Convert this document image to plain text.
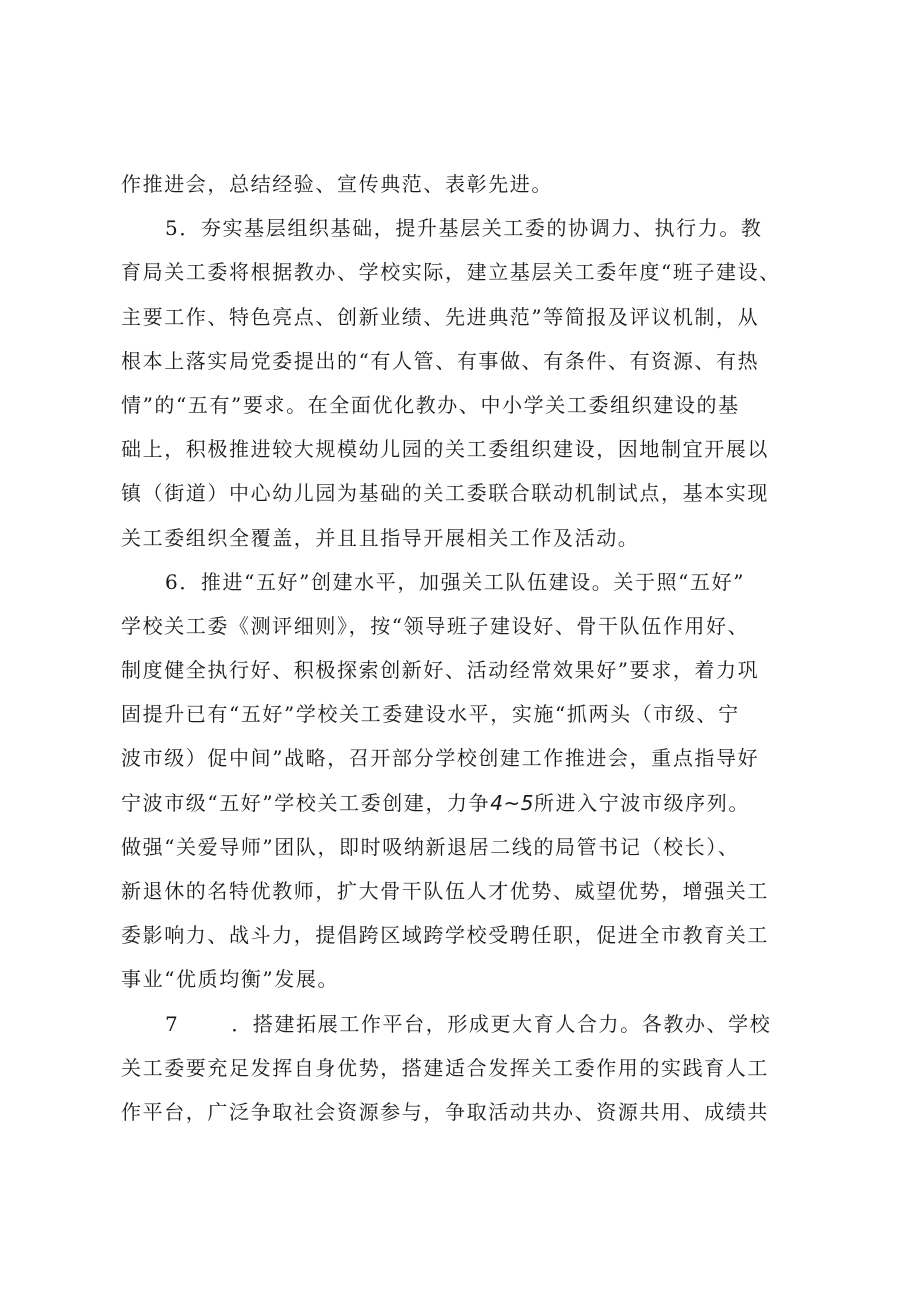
作推进会，总结经验、宣传典范、表彰先进。
5．夯实基层组织基础，提升基层关工委的协调力、执行力。教
育局关工委将根据教办、学校实际，建立基层关工委年度“班子建设、
主要工作、特色亮点、创新业绩、先进典范”等简报及评议机制，从
根本上落实局党委提出的“有人管、有事做、有条件、有资源、有热
情”的“五有”要求。在全面优化教办、中小学关工委组织建设的基
础上，积极推进较大规模幼儿园的关工委组织建设，因地制宜开展以
镇（街道）中心幼儿园为基础的关工委联合联动机制试点，基本实现
关工委组织全覆盖，并且且指导开展相关工作及活动。
6．推进“五好”创建水平，加强关工队伍建设。关于照“五好”
学校关工委《测评细则》，按“领导班子建设好、骨干队伍作用好、
制度健全执行好、积极探索创新好、活动经常效果好”要求，着力巩
固提升已有“五好”学校关工委建设水平，实施“抓两头（市级、宁
波市级）促中间”战略，召开部分学校创建工作推进会，重点指导好
宁波市级“五好”学校关工委创建，力争4~5所进入宁波市级序列。
做强“关爱导师”团队，即时吸纳新退居二线的局管书记（校长）、
新退休的名特优教师，扩大骨干队伍人才优势、威望优势，增强关工
委影响力、战斗力，提倡跨区域跨学校受聘任职，促进全市教育关工
事业“优质均衡”发展。
7	．搭建拓展工作平台，形成更大育人合力。各教办、学校
关工委要充足发挥自身优势，搭建适合发挥关工委作用的实践育人工
作平台，广泛争取社会资源参与，争取活动共办、资源共用、成绩共
